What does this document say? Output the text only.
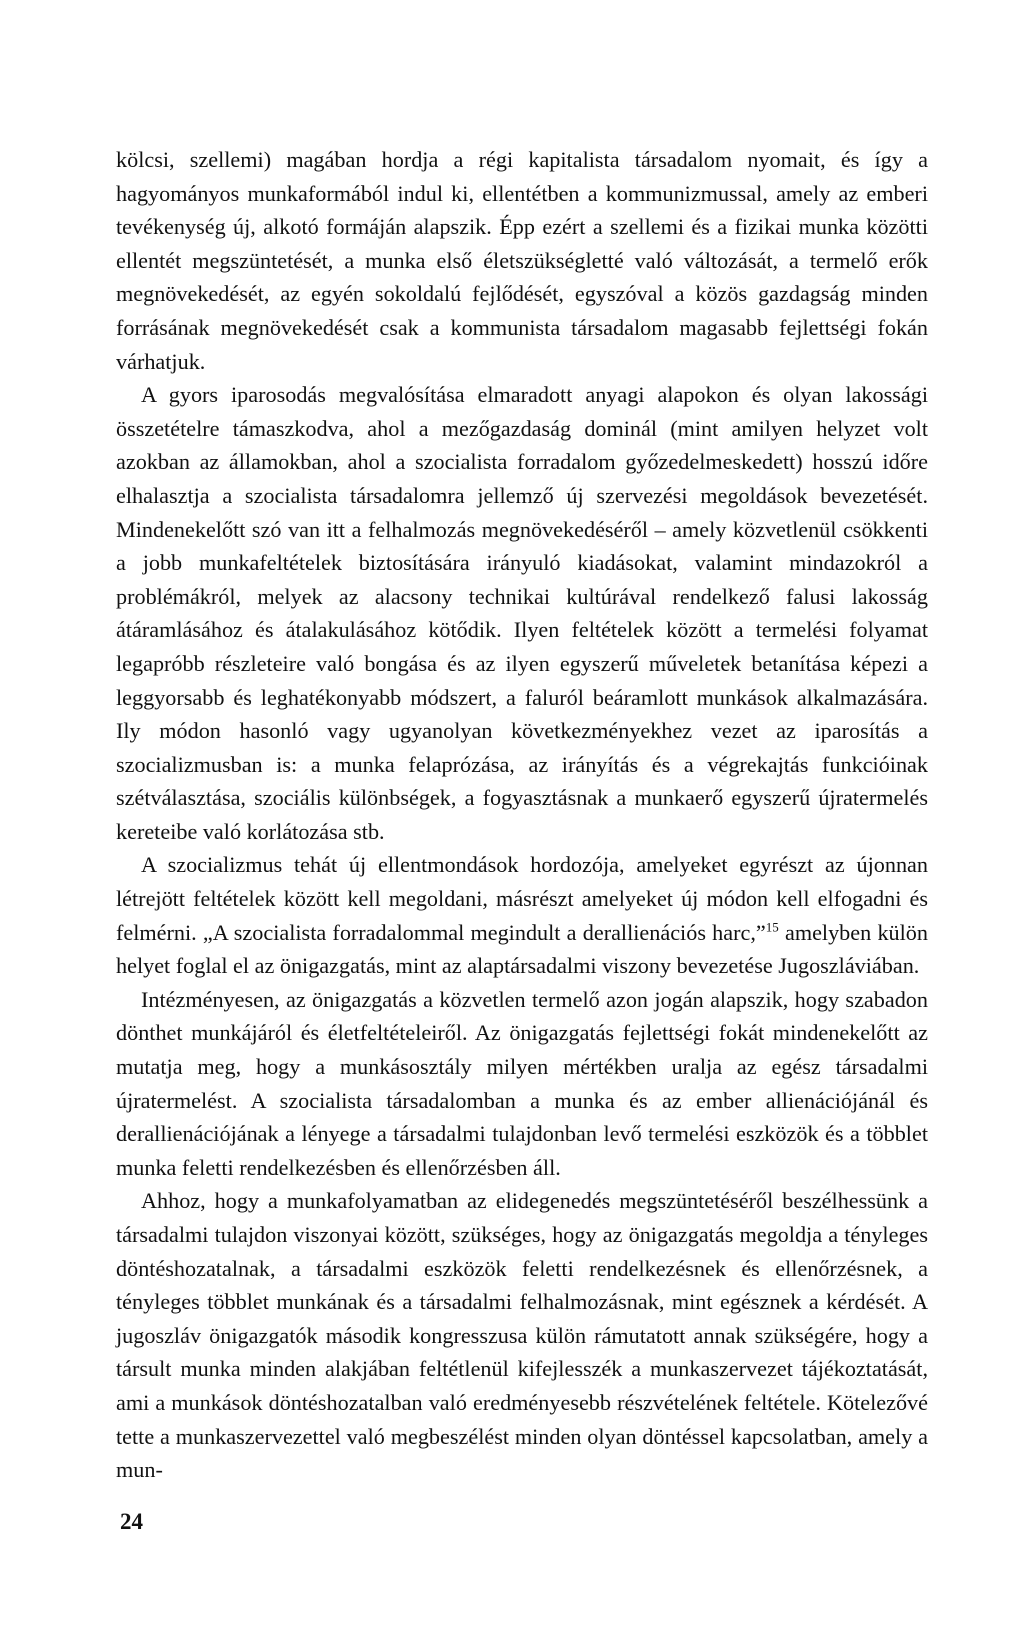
kölcsi, szellemi) magában hordja a régi kapitalista társadalom nyomait, és így a hagyományos munkaformából indul ki, ellentétben a kommunizmussal, amely az emberi tevékenység új, alkotó formáján alapszik. Épp ezért a szellemi és a fizikai munka közötti ellentét megszüntetését, a munka első életszükségletté való változását, a termelő erők megnövekedését, az egyén sokoldalú fejlődését, egyszóval a közös gazdagság minden forrásának megnövekedését csak a kommunista társadalom magasabb fejlettségi fokán várhatjuk.

A gyors iparosodás megvalósítása elmaradott anyagi alapokon és olyan lakossági összetételre támaszkodva, ahol a mezőgazdaság dominál (mint amilyen helyzet volt azokban az államokban, ahol a szocialista forradalom győzedelmeskedett) hosszú időre elhalasztja a szocialista társadalomra jellemző új szervezési megoldások bevezetését. Mindenekelőtt szó van itt a felhalmozás megnövekedéséről – amely közvetlenül csökkenti a jobb munkafeltételek biztosítására irányuló kiadásokat, valamint mindazokról a problémákról, melyek az alacsony technikai kultúrával rendelkező falusi lakosság átáramlásához és átalakulásához kötődik. Ilyen feltételek között a termelési folyamat legapróbb részleteire való bongása és az ilyen egyszerű műveletek betanítása képezi a leggyorsabb és leghatékonyabb módszert, a faluról beáramlott munkások alkalmazására. Ily módon hasonló vagy ugyanolyan következményekhez vezet az iparosítás a szocializmusban is: a munka felaprózása, az irányítás és a végrekajtás funkcióinak szétválasztása, szociális különbségek, a fogyasztásnak a munkaerő egyszerű újratermelés kereteibe való korlátozása stb.

A szocializmus tehát új ellentmondások hordozója, amelyeket egyrészt az újonnan létrejött feltételek között kell megoldani, másrészt amelyeket új módon kell elfogadni és felmérni. „A szocialista forradalommal megindult a derallienációs harc,”$^{15}$ amelyben külön helyet foglal el az önigazgatás, mint az alaptársadalmi viszony bevezetése Jugoszláviában.

Intézményesen, az önigazgatás a közvetlen termelő azon jogán alapszik, hogy szabadon dönthet munkájáról és életfeltételeiről. Az önigazgatás fejlettségi fokát mindenekelőtt az mutatja meg, hogy a munkásosztály milyen mértékben uralja az egész társadalmi újratermelést. A szocialista társadalomban a munka és az ember allienációjánál és derallienációjának a lényege a társadalmi tulajdonban levő termelési eszközök és a többlet munka feletti rendelkezésben és ellenőrzésben áll.

Ahhoz, hogy a munkafolyamatban az elidegenedés megszüntetéséről beszélhessünk a társadalmi tulajdon viszonyai között, szükséges, hogy az önigazgatás megoldja a tényleges döntéshozatalnak, a társadalmi eszközök feletti rendelkezésnek és ellenőrzésnek, a tényleges többlet munkának és a társadalmi felhalmozásnak, mint egésznek a kérdését. A jugoszláv önigazgatók második kongresszusa külön rámutatott annak szükségére, hogy a társult munka minden alakjában feltétlenül kifejlesszék a munkaszervezet tájékoztatását, ami a munkások döntéshozatalban való eredményesebb részvételének feltétele. Kötelezővé tette a munkaszervezettel való megbeszélést minden olyan döntéssel kapcsolatban, amely a mun-

24
